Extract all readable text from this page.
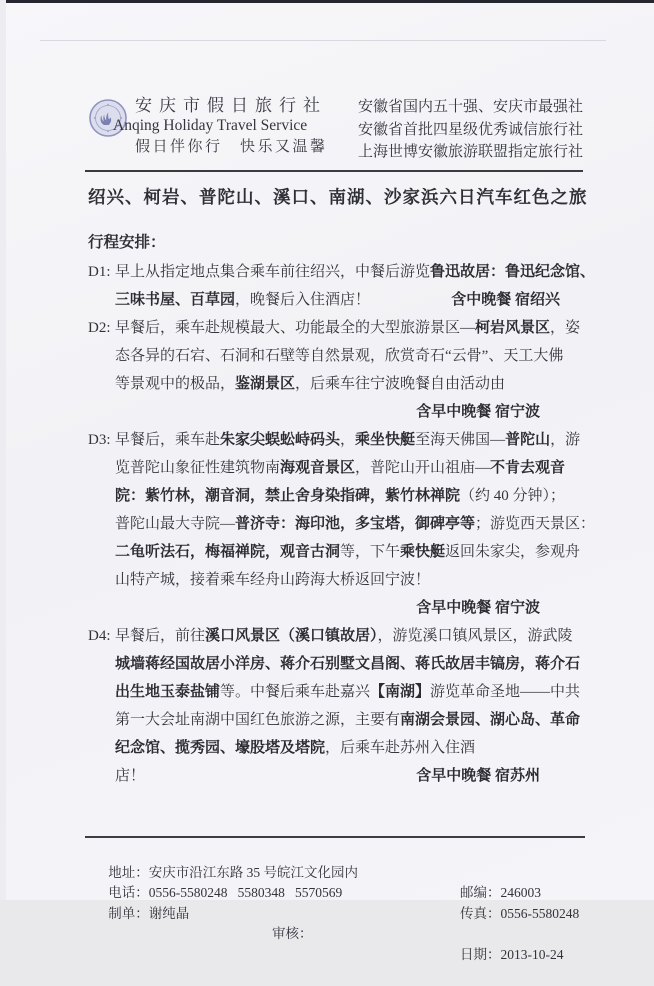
安庆市假日旅行社
Anqing Holiday Travel Service
假日伴你行　快乐又温馨
安徽省国内五十强、安庆市最强社
安徽省首批四星级优秀诚信旅行社
上海世博安徽旅游联盟指定旅行社
绍兴、柯岩、普陀山、溪口、南湖、沙家浜六日汽车红色之旅
行程安排：
D1: 早上从指定地点集合乘车前往绍兴，中餐后游览鲁迅故居：鲁迅纪念馆、
三味书屋、百草园，晚餐后入住酒店！	含中晚餐 宿绍兴
D2: 早餐后，乘车赴规模最大、功能最全的大型旅游景区—柯岩风景区，姿
态各异的石宕、石洞和石壁等自然景观，欣赏奇石“云骨”、天工大佛
等景观中的极品，鉴湖景区，后乘车往宁波晚餐自由活动由
含早中晚餐 宿宁波
D3: 早餐后，乘车赴朱家尖蜈蚣峙码头，乘坐快艇至海天佛国—普陀山，游
览普陀山象征性建筑物南海观音景区，普陀山开山祖庙—不肯去观音
院：紫竹林，潮音洞，禁止舍身染指碑，紫竹林禅院（约 40 分钟）；
普陀山最大寺院—普济寺：海印池，多宝塔，御碑亭等；游览西天景区：
二龟听法石，梅福禅院，观音古洞等，下午乘快艇返回朱家尖，参观舟
山特产城，接着乘车经舟山跨海大桥返回宁波！
含早中晚餐 宿宁波
D4: 早餐后，前往溪口风景区（溪口镇故居），游览溪口镇风景区，游武陵
城墙蒋经国故居小洋房、蒋介石别墅文昌阁、蒋氏故居丰镐房，蒋介石
出生地玉泰盐铺等。中餐后乘车赴嘉兴【南湖】游览革命圣地——中共
第一大会址南湖中国红色旅游之源，主要有南湖会景园、湖心岛、革命
纪念馆、揽秀园、壕股塔及塔院，后乘车赴苏州入住酒
店！	含早中晚餐 宿苏州

地址：安庆市沿江东路 35 号皖江文化园内

邮编：246003

电话：0556-5580248   5580348   5570569

传真：0556-5580248

制单：谢纯晶

审核：

日期：2013-10-24
